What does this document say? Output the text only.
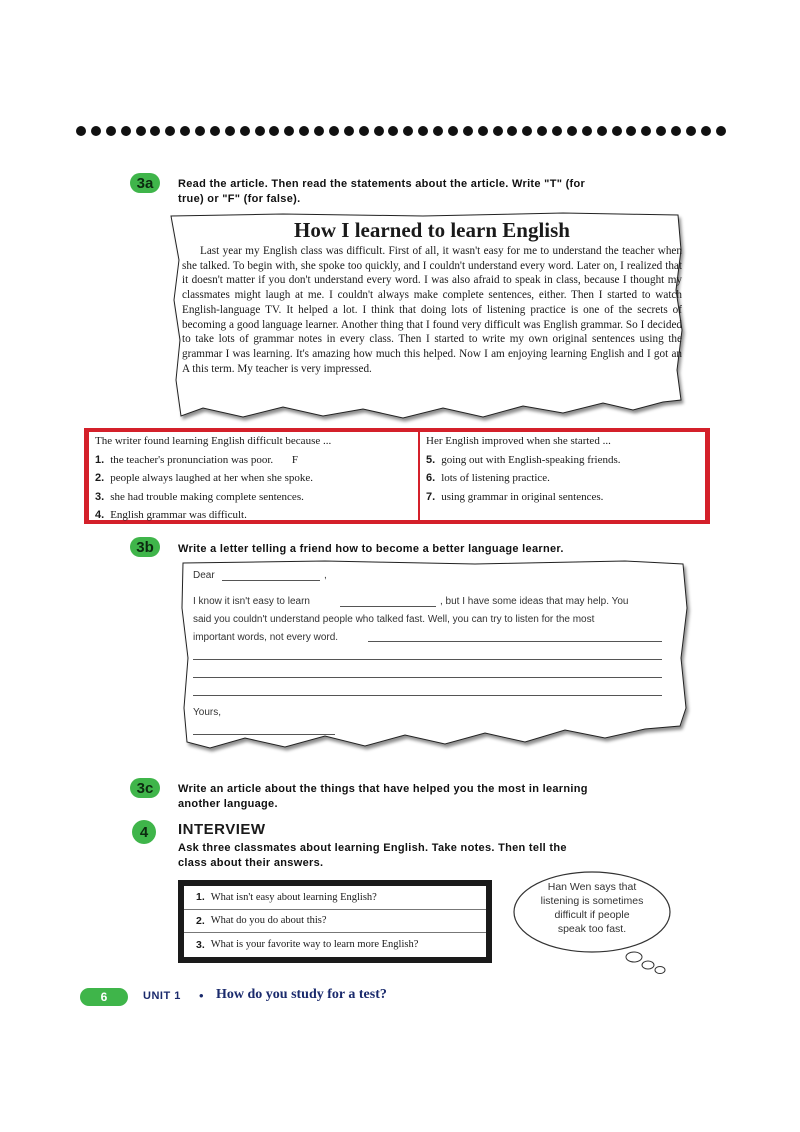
3a	Read the article. Then read the statements about the article. Write "T" (for
true) or "F" (for false).
How I learned to learn English
Last year my English class was difficult. First of all, it wasn't easy for me to understand the teacher when she talked. To begin with, she spoke too quickly, and I couldn't understand every word. Later on, I realized that it doesn't matter if you don't understand every word. I was also afraid to speak in class, because I thought my classmates might laugh at me. I couldn't always make complete sentences, either. Then I started to watch English-language TV. It helped a lot. I think that doing lots of listening practice is one of the secrets of becoming a good language learner. Another thing that I found very difficult was English grammar. So I decided to take lots of grammar notes in every class. Then I started to write my own original sentences using the grammar I was learning. It's amazing how much this helped. Now I am enjoying learning English and I got an A this term. My teacher is very impressed.
The writer found learning English difficult because ...
1. the teacher's pronunciation was poor. F
2. people always laughed at her when she spoke.
3. she had trouble making complete sentences.
4. English grammar was difficult.
Her English improved when she started ...
5. going out with English-speaking friends.
6. lots of listening practice.
7. using grammar in original sentences.
3b	Write a letter telling a friend how to become a better language learner.
Dear	,
I know it isn't easy to learn	, but I have some ideas that may help. You
said you couldn't understand people who talked fast. Well, you can try to listen for the most
important words, not every word.
Yours,
3c	Write an article about the things that have helped you the most in learning
another language.
4	INTERVIEW
Ask three classmates about learning English. Take notes. Then tell the
class about their answers.
1. What isn't easy about learning English?
2. What do you do about this?
3. What is your favorite way to learn more English?
Han Wen says that
listening is sometimes
difficult if people
speak too fast.
6	UNIT 1 • How do you study for a test?
